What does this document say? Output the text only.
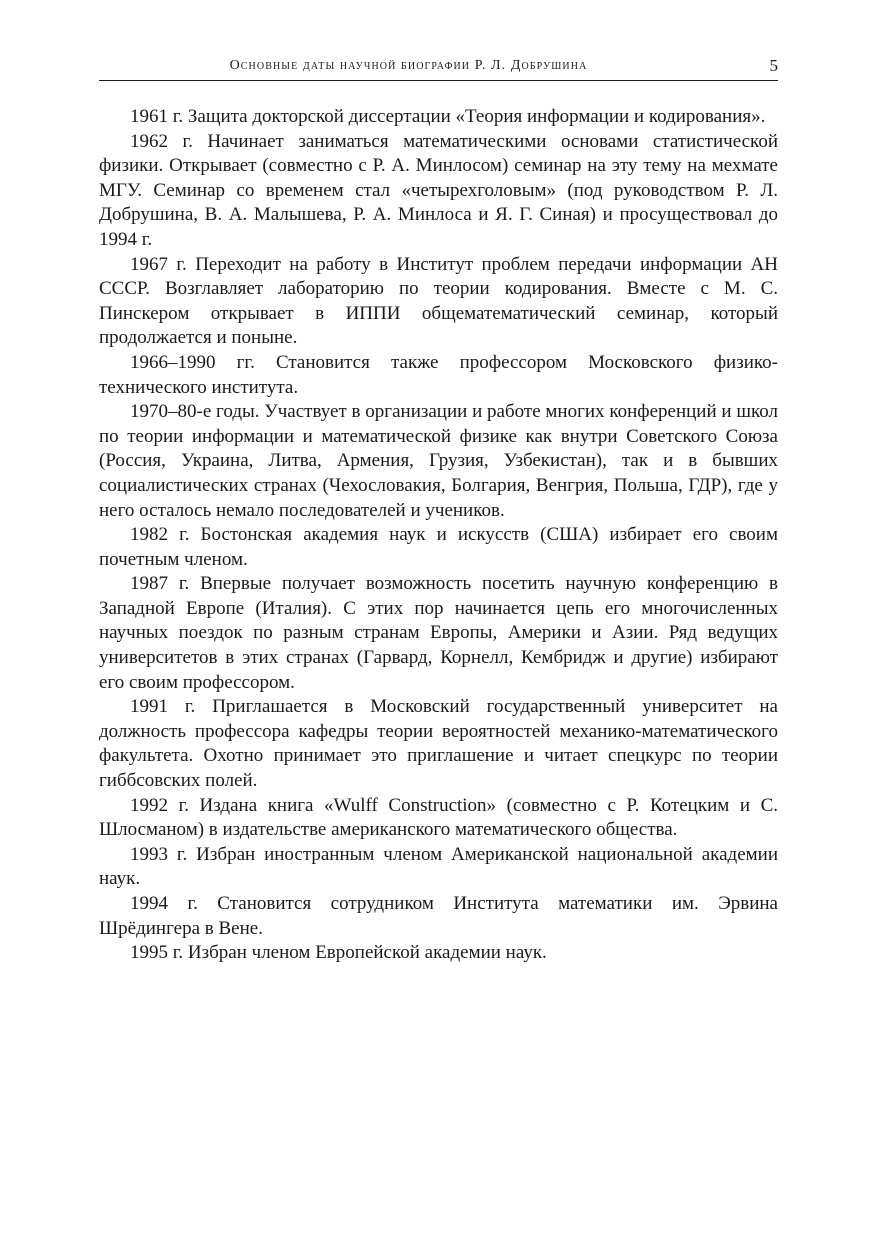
Основные даты научной биографии Р. Л. Добрушина	5

1961 г. Защита докторской диссертации «Теория информации и кодирования».

1962 г. Начинает заниматься математическими основами статистической физики. Открывает (совместно с Р. А. Минлосом) семинар на эту тему на мехмате МГУ. Семинар со временем стал «четырехголовым» (под руководством Р. Л. Добрушина, В. А. Малышева, Р. А. Минлоса и Я. Г. Синая) и просуществовал до 1994 г.

1967 г. Переходит на работу в Институт проблем передачи информации АН СССР. Возглавляет лабораторию по теории кодирования. Вместе с М. С. Пинскером открывает в ИППИ общематематический семинар, который продолжается и поныне.

1966–1990 гг. Становится также профессором Московского физико-технического института.

1970–80-е годы. Участвует в организации и работе многих конференций и школ по теории информации и математической физике как внутри Советского Союза (Россия, Украина, Литва, Армения, Грузия, Узбекистан), так и в бывших социалистических странах (Чехословакия, Болгария, Венгрия, Польша, ГДР), где у него осталось немало последователей и учеников.

1982 г. Бостонская академия наук и искусств (США) избирает его своим почетным членом.

1987 г. Впервые получает возможность посетить научную конференцию в Западной Европе (Италия). С этих пор начинается цепь его многочисленных научных поездок по разным странам Европы, Америки и Азии. Ряд ведущих университетов в этих странах (Гарвард, Корнелл, Кембридж и другие) избирают его своим профессором.

1991 г. Приглашается в Московский государственный университет на должность профессора кафедры теории вероятностей механико-математического факультета. Охотно принимает это приглашение и читает спецкурс по теории гиббсовских полей.

1992 г. Издана книга «Wulff Construction» (совместно с Р. Котецким и С. Шлосманом) в издательстве американского математического общества.

1993 г. Избран иностранным членом Американской национальной академии наук.

1994 г. Становится сотрудником Института математики им. Эрвина Шрёдингера в Вене.

1995 г. Избран членом Европейской академии наук.
